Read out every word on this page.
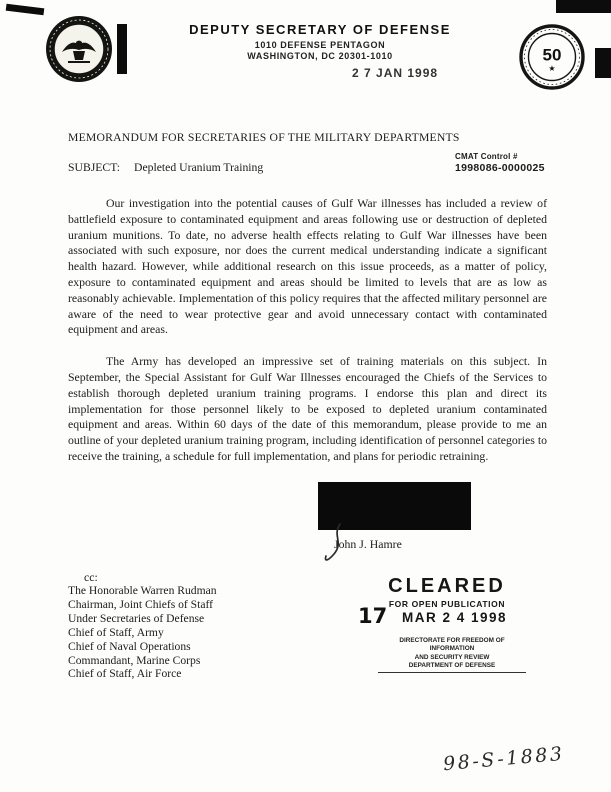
DEPUTY SECRETARY OF DEFENSE
1010 DEFENSE PENTAGON
WASHINGTON, DC 20301-1010
2 7 JAN 1998
50
★
MEMORANDUM FOR SECRETARIES OF THE MILITARY DEPARTMENTS
SUBJECT: Depleted Uranium Training
CMAT Control #
1998086-0000025

Our investigation into the potential causes of Gulf War illnesses has included a review of battlefield exposure to contaminated equipment and areas following use or destruction of depleted uranium munitions. To date, no adverse health effects relating to Gulf War illnesses have been associated with such exposure, nor does the current medical understanding indicate a significant health hazard. However, while additional research on this issue proceeds, as a matter of policy, exposure to contaminated equipment and areas should be limited to levels that are as low as reasonably achievable. Implementation of this policy requires that the affected military personnel are aware of the need to wear protective gear and avoid unnecessary contact with contaminated equipment and areas.

The Army has developed an impressive set of training materials on this subject. In September, the Special Assistant for Gulf War Illnesses encouraged the Chiefs of the Services to establish thorough depleted uranium training programs. I endorse this plan and direct its implementation for those personnel likely to be exposed to depleted uranium contaminated equipment and areas. Within 60 days of the date of this memorandum, please provide to me an outline of your depleted uranium training program, including identification of personnel categories to receive the training, a schedule for full implementation, and plans for periodic retraining.

John J. Hamre
cc:
The Honorable Warren Rudman
Chairman, Joint Chiefs of Staff
Under Secretaries of Defense
Chief of Staff, Army
Chief of Naval Operations
Commandant, Marine Corps
Chief of Staff, Air Force
CLEARED
FOR OPEN PUBLICATION
17 MAR 2 4 1998
DIRECTORATE FOR FREEDOM OF INFORMATION
AND SECURITY REVIEW
DEPARTMENT OF DEFENSE
98-S-1883
